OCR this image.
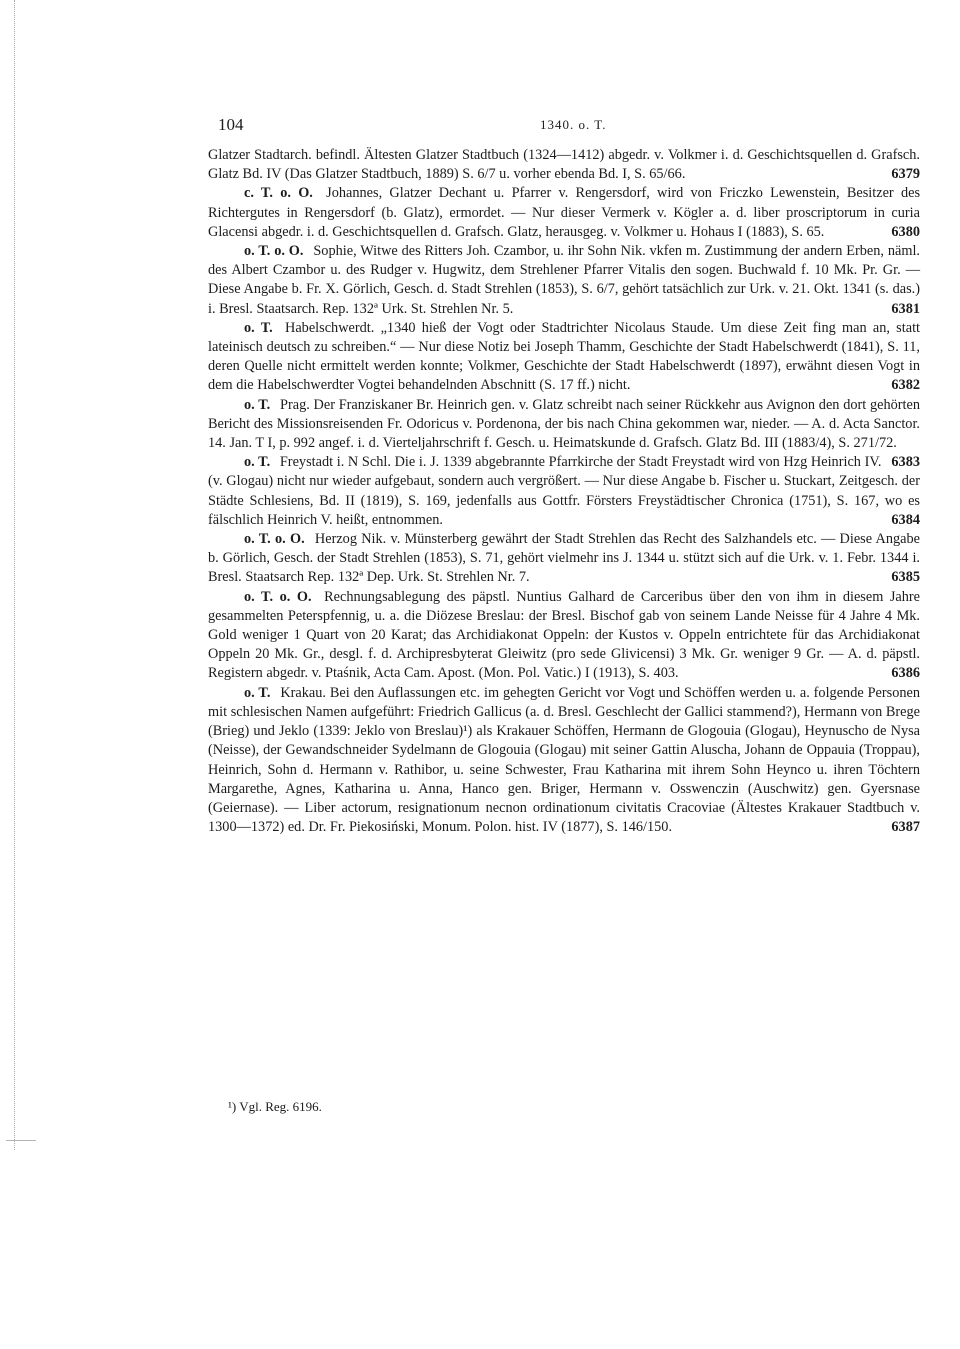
104	1340. o. T.

Glatzer Stadtarch. befindl. Ältesten Glatzer Stadtbuch (1324—1412) abgedr. v. Volkmer i. d. Geschichtsquellen d. Grafsch. Glatz Bd. IV (Das Glatzer Stadtbuch, 1889) S. 6/7 u. vorher ebenda Bd. I, S. 65/66.	6379

c. T. o. O. Johannes, Glatzer Dechant u. Pfarrer v. Rengersdorf, wird von Friczko Lewenstein, Besitzer des Richtergutes in Rengersdorf (b. Glatz), ermordet. — Nur dieser Vermerk v. Kögler a. d. liber proscriptorum in curia Glacensi abgedr. i. d. Geschichtsquellen d. Grafsch. Glatz, herausgeg. v. Volkmer u. Hohaus I (1883), S. 65.	6380

o. T. o. O. Sophie, Witwe des Ritters Joh. Czambor, u. ihr Sohn Nik. vkfen m. Zustimmung der andern Erben, näml. des Albert Czambor u. des Rudger v. Hugwitz, dem Strehlener Pfarrer Vitalis den sogen. Buchwald f. 10 Mk. Pr. Gr. — Diese Angabe b. Fr. X. Görlich, Gesch. d. Stadt Strehlen (1853), S. 6/7, gehört tatsächlich zur Urk. v. 21. Okt. 1341 (s. das.) i. Bresl. Staatsarch. Rep. 132ª Urk. St. Strehlen Nr. 5.	6381

o. T. Habelschwerdt. „1340 hieß der Vogt oder Stadtrichter Nicolaus Staude. Um diese Zeit fing man an, statt lateinisch deutsch zu schreiben.“ — Nur diese Notiz bei Joseph Thamm, Geschichte der Stadt Habelschwerdt (1841), S. 11, deren Quelle nicht ermittelt werden konnte; Volkmer, Geschichte der Stadt Habelschwerdt (1897), erwähnt diesen Vogt in dem die Habelschwerdter Vogtei behandelnden Abschnitt (S. 17 ff.) nicht.	6382

o. T. Prag. Der Franziskaner Br. Heinrich gen. v. Glatz schreibt nach seiner Rückkehr aus Avignon den dort gehörten Bericht des Missionsreisenden Fr. Odoricus v. Pordenona, der bis nach China gekommen war, nieder. — A. d. Acta Sanctor. 14. Jan. T I, p. 992 angef. i. d. Vierteljahrschrift f. Gesch. u. Heimatskunde d. Grafsch. Glatz Bd. III (1883/4), S. 271/72.
6383

o. T. Freystadt i. N Schl. Die i. J. 1339 abgebrannte Pfarrkirche der Stadt Freystadt wird von Hzg Heinrich IV. (v. Glogau) nicht nur wieder aufgebaut, sondern auch vergrößert. — Nur diese Angabe b. Fischer u. Stuckart, Zeitgesch. der Städte Schlesiens, Bd. II (1819), S. 169, jedenfalls aus Gottfr. Försters Freystädtischer Chronica (1751), S. 167, wo es fälschlich Heinrich V. heißt, entnommen.	6384

o. T. o. O. Herzog Nik. v. Münsterberg gewährt der Stadt Strehlen das Recht des Salzhandels etc. — Diese Angabe b. Görlich, Gesch. der Stadt Strehlen (1853), S. 71, gehört vielmehr ins J. 1344 u. stützt sich auf die Urk. v. 1. Febr. 1344 i. Bresl. Staatsarch Rep. 132ª Dep. Urk. St. Strehlen Nr. 7.	6385

o. T. o. O. Rechnungsablegung des päpstl. Nuntius Galhard de Carceribus über den von ihm in diesem Jahre gesammelten Peterspfennig, u. a. die Diözese Breslau: der Bresl. Bischof gab von seinem Lande Neisse für 4 Jahre 4 Mk. Gold weniger 1 Quart von 20 Karat; das Archidiakonat Oppeln: der Kustos v. Oppeln entrichtete für das Archidiakonat Oppeln 20 Mk. Gr., desgl. f. d. Archipresbyterat Gleiwitz (pro sede Glivicensi) 3 Mk. Gr. weniger 9 Gr. — A. d. päpstl. Registern abgedr. v. Ptaśnik, Acta Cam. Apost. (Mon. Pol. Vatic.) I (1913), S. 403.	6386

o. T. Krakau. Bei den Auflassungen etc. im gehegten Gericht vor Vogt und Schöffen werden u. a. folgende Personen mit schlesischen Namen aufgeführt: Friedrich Gallicus (a. d. Bresl. Geschlecht der Gallici stammend?), Hermann von Brege (Brieg) und Jeklo (1339: Jeklo von Breslau)¹) als Krakauer Schöffen, Hermann de Glogouia (Glogau), Heynuscho de Nysa (Neisse), der Gewandschneider Sydelmann de Glogouia (Glogau) mit seiner Gattin Aluscha, Johann de Oppauia (Troppau), Heinrich, Sohn d. Hermann v. Rathibor, u. seine Schwester, Frau Katharina mit ihrem Sohn Heynco u. ihren Töchtern Margarethe, Agnes, Katharina u. Anna, Hanco gen. Briger, Hermann v. Osswenczin (Auschwitz) gen. Gyersnase (Geiernase). — Liber actorum, resignationum necnon ordinationum civitatis Cracoviae (Ältestes Krakauer Stadtbuch v. 1300—1372) ed. Dr. Fr. Piekosiński, Monum. Polon. hist. IV (1877), S. 146/150.	6387

¹) Vgl. Reg. 6196.
